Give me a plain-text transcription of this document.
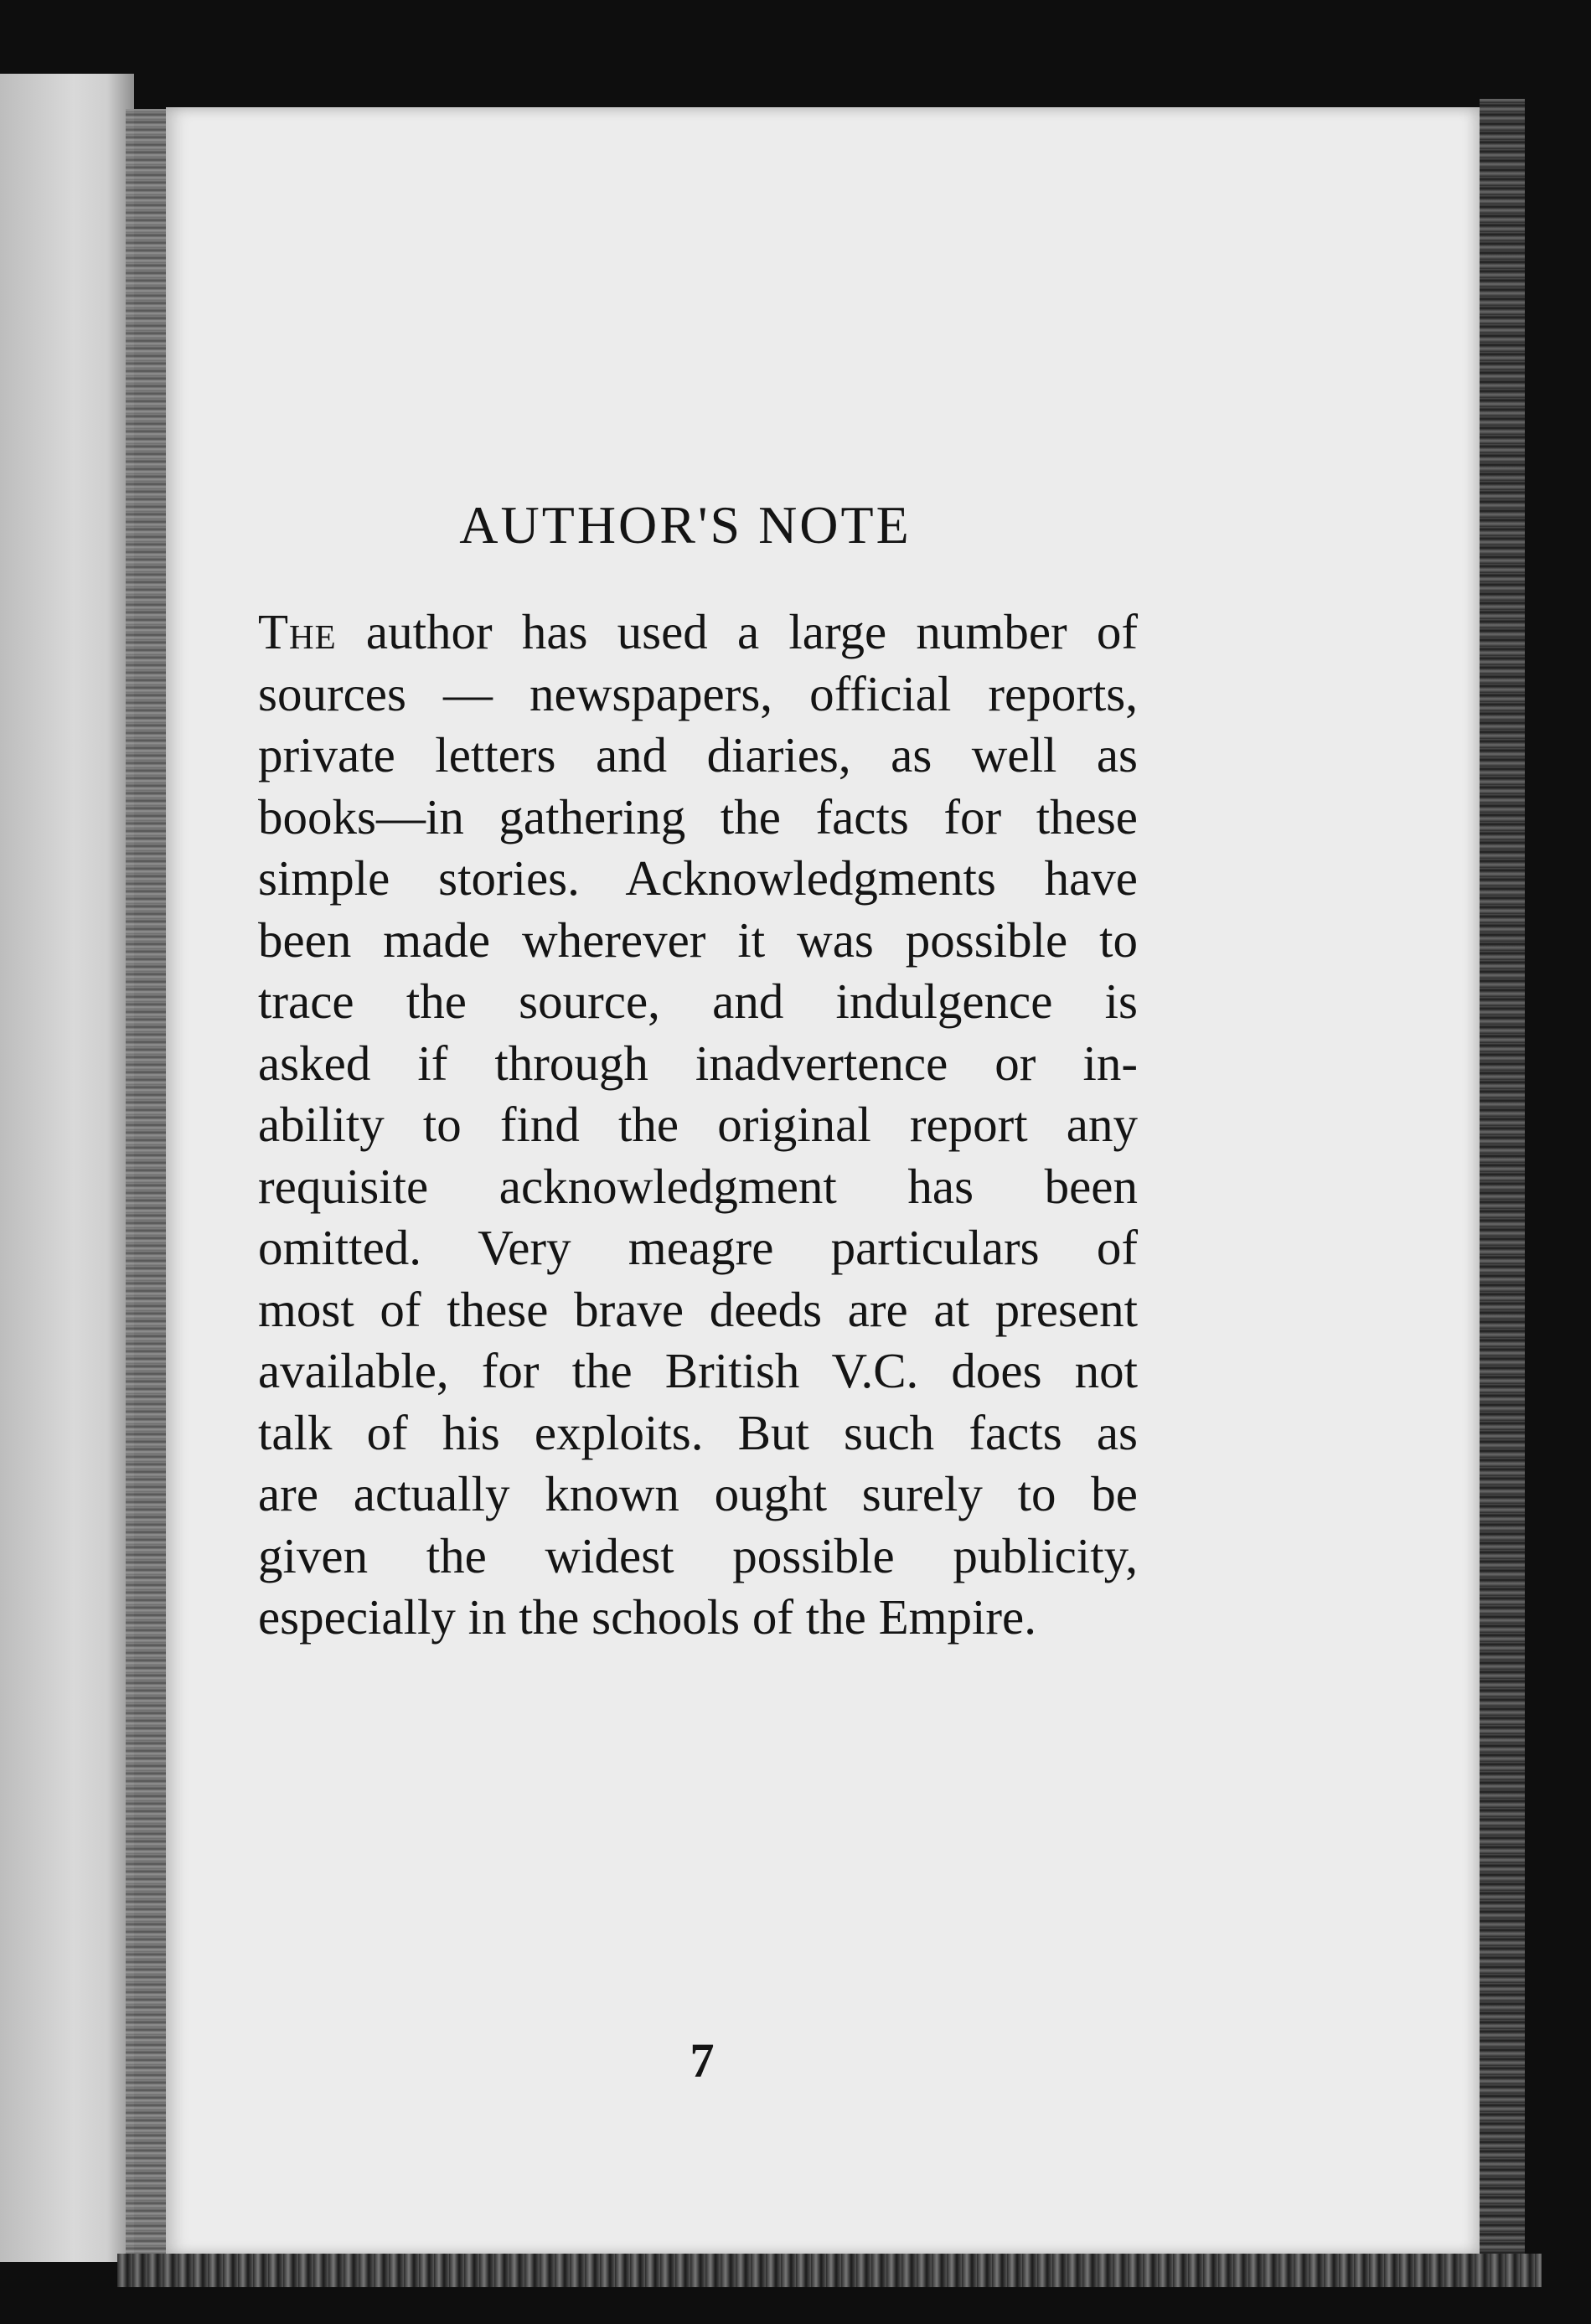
AUTHOR'S NOTE

The author has used a large number of
sources — newspapers, official reports,
private letters and diaries, as well as
books—in gathering the facts for these
simple stories. Acknowledgments have
been made wherever it was possible to
trace the source, and indulgence is
asked if through inadvertence or in-
ability to find the original report any
requisite acknowledgment has been
omitted. Very meagre particulars of
most of these brave deeds are at present
available, for the British V.C. does not
talk of his exploits. But such facts as
are actually known ought surely to be
given the widest possible publicity,
especially in the schools of the Empire.

7
